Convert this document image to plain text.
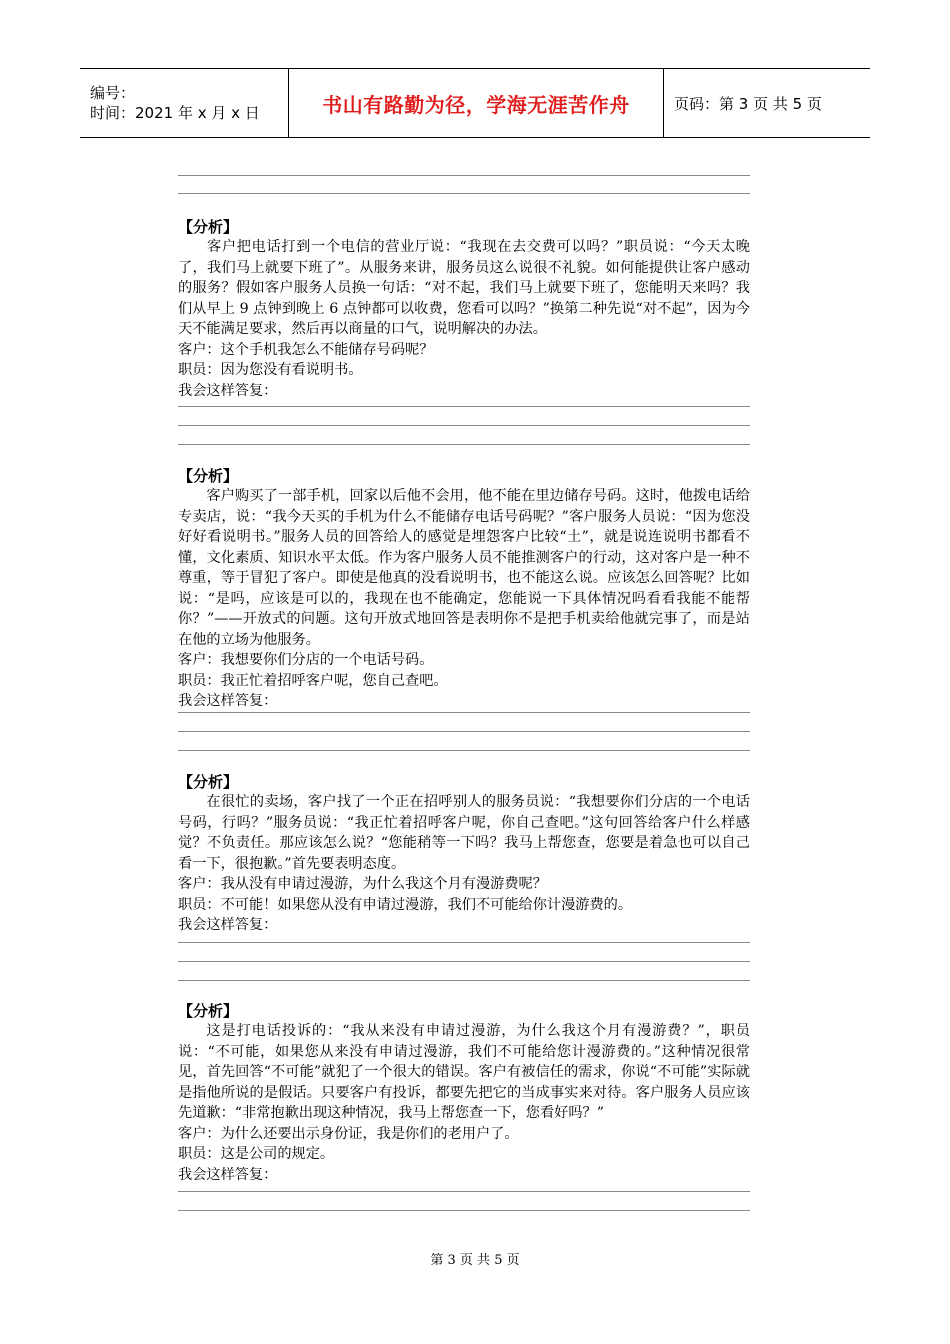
编号：
时间：2021 年 x 月 x 日	书山有路勤为径，学海无涯苦作舟	页码：第 3 页 共 5 页
【分析】

客户把电话打到一个电信的营业厅说：“我现在去交费可以吗？”职员说：“今天太晚了，我们马上就要下班了”。从服务来讲，服务员这么说很不礼貌。如何能提供让客户感动的服务？假如客户服务人员换一句话：“对不起，我们马上就要下班了，您能明天来吗？我们从早上 9 点钟到晚上 6 点钟都可以收费，您看可以吗？”换第二种先说“对不起”，因为今天不能满足要求，然后再以商量的口气，说明解决的办法。

客户：这个手机我怎么不能储存号码呢？

职员：因为您没有看说明书。

我会这样答复：

【分析】

客户购买了一部手机，回家以后他不会用，他不能在里边储存号码。这时，他拨电话给专卖店，说：“我今天买的手机为什么不能储存电话号码呢？”客户服务人员说：“因为您没好好看说明书。”服务人员的回答给人的感觉是埋怨客户比较“土”，就是说连说明书都看不懂，文化素质、知识水平太低。作为客户服务人员不能推测客户的行动，这对客户是一种不尊重，等于冒犯了客户。即使是他真的没看说明书，也不能这么说。应该怎么回答呢？比如说：“是吗，应该是可以的，我现在也不能确定，您能说一下具体情况吗看看我能不能帮你？”——开放式的问题。这句开放式地回答是表明你不是把手机卖给他就完事了，而是站在他的立场为他服务。

客户：我想要你们分店的一个电话号码。

职员：我正忙着招呼客户呢，您自己查吧。

我会这样答复：

【分析】

在很忙的卖场，客户找了一个正在招呼别人的服务员说：“我想要你们分店的一个电话号码，行吗？”服务员说：“我正忙着招呼客户呢，你自己查吧。”这句回答给客户什么样感觉？不负责任。那应该怎么说？“您能稍等一下吗？我马上帮您查，您要是着急也可以自己看一下，很抱歉。”首先要表明态度。

客户：我从没有申请过漫游，为什么我这个月有漫游费呢？

职员：不可能！如果您从没有申请过漫游，我们不可能给你计漫游费的。

我会这样答复：

【分析】

这是打电话投诉的：“我从来没有申请过漫游，为什么我这个月有漫游费？”，职员说：“不可能，如果您从来没有申请过漫游，我们不可能给您计漫游费的。”这种情况很常见，首先回答“不可能”就犯了一个很大的错误。客户有被信任的需求，你说“不可能”实际就是指他所说的是假话。只要客户有投诉，都要先把它的当成事实来对待。客户服务人员应该先道歉：“非常抱歉出现这种情况，我马上帮您查一下，您看好吗？”

客户：为什么还要出示身份证，我是你们的老用户了。

职员：这是公司的规定。

我会这样答复：

第 3 页 共 5 页
